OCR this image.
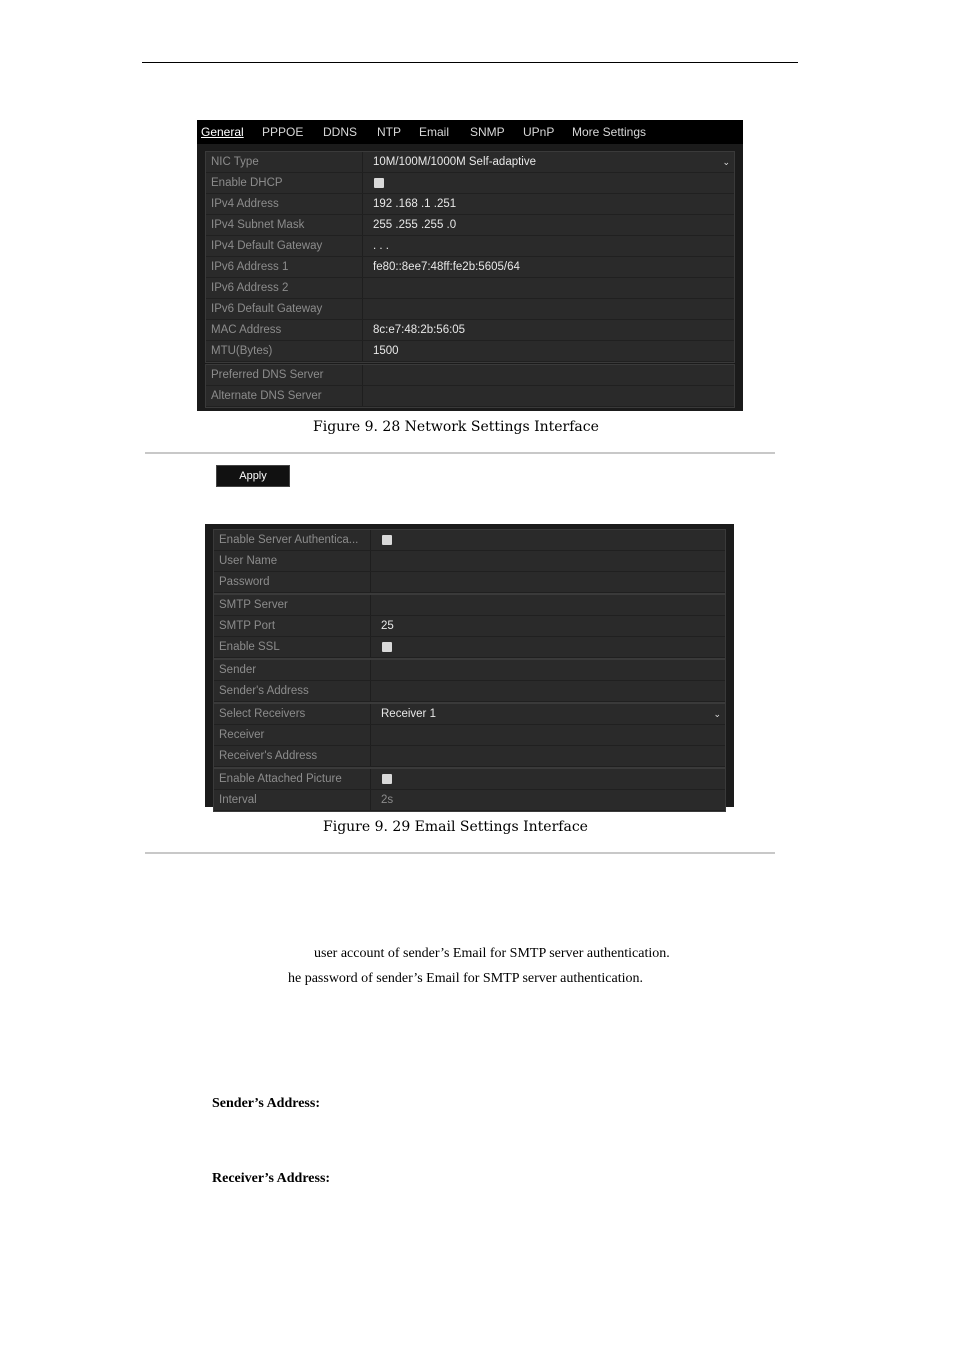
General PPPOE DDNS NTP Email SNMP UPnP More Settings
NIC Type	10M/100M/1000M Self-adaptive	⌄
Enable DHCP
IPv4 Address	192 .168 .1 .251
IPv4 Subnet Mask	255 .255 .255 .0
IPv4 Default Gateway	. . .
IPv6 Address 1	fe80::8ee7:48ff:fe2b:5605/64
IPv6 Address 2
IPv6 Default Gateway
MAC Address	8c:e7:48:2b:56:05
MTU(Bytes)	1500
Preferred DNS Server
Alternate DNS Server
Figure 9. 28 Network Settings Interface
Apply
Enable Server Authentica...
User Name
Password
SMTP Server
SMTP Port	25
Enable SSL
Sender
Sender's Address
Select Receivers	Receiver 1	⌄
Receiver
Receiver's Address
Enable Attached Picture
Interval	2s
Figure 9. 29 Email Settings Interface
user account of sender’s Email for SMTP server authentication.
he password of sender’s Email for SMTP server authentication.
Sender’s Address:
Receiver’s Address:
